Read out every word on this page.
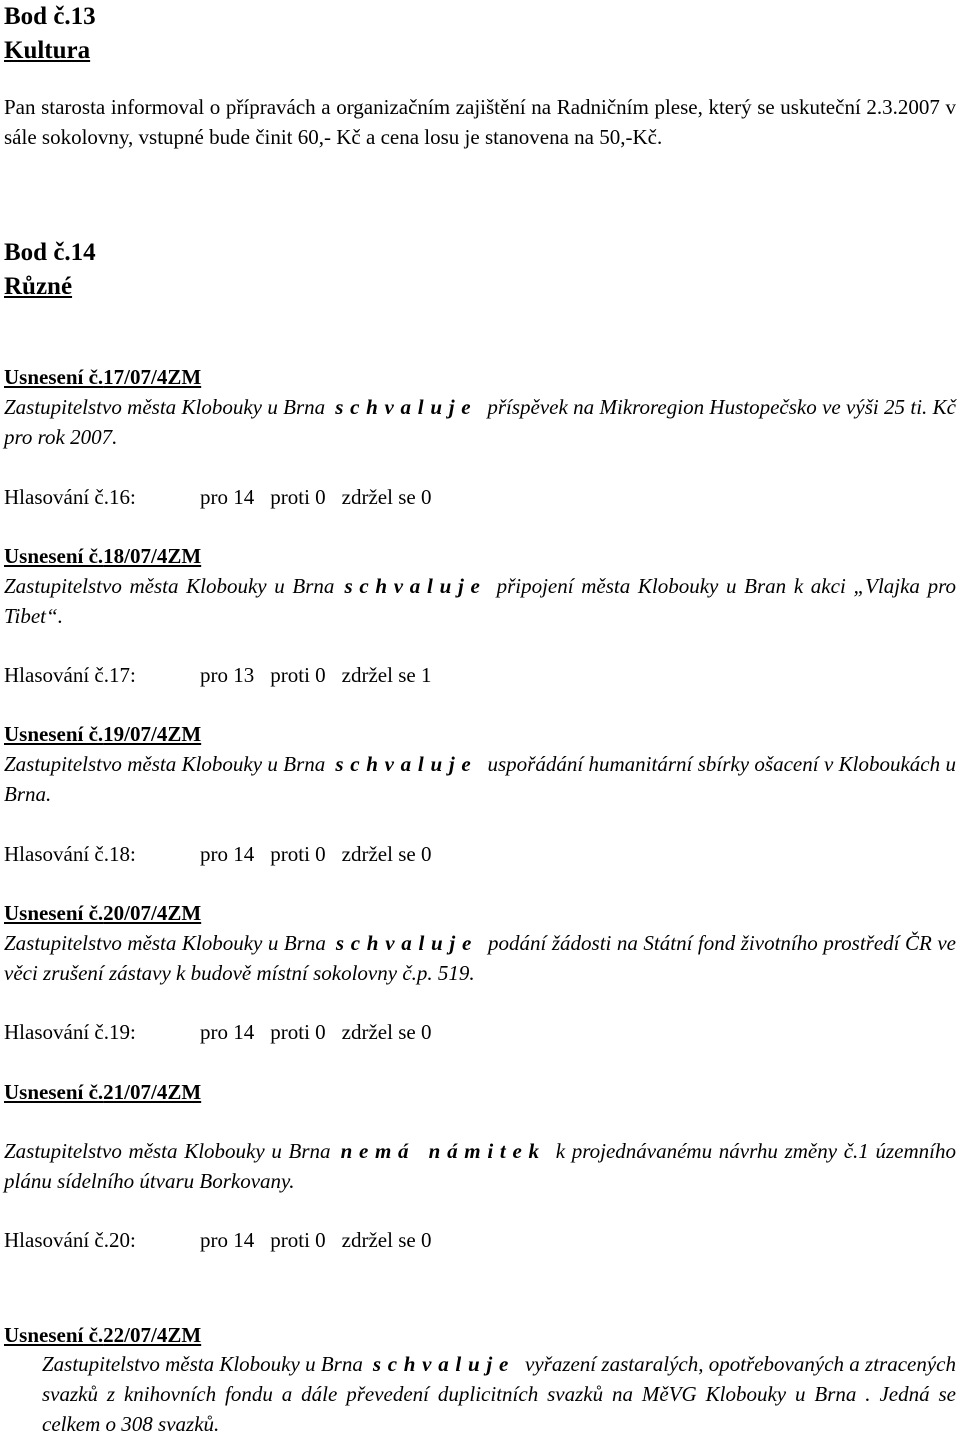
Bod č.13
Kultura
Pan starosta informoval o přípravách a organizačním zajištění na Radničním plese, který se uskuteční 2.3.2007 v sále sokolovny, vstupné bude činit 60,- Kč a cena losu je stanovena na 50,-Kč.
Bod č.14
Různé
Usnesení č.17/07/4ZM
Zastupitelstvo města Klobouky u Brna schvaluje příspěvek na Mikroregion Hustopečsko ve výši 25 ti. Kč pro rok 2007.
Hlasování č.16:	pro 14 proti 0 zdržel se 0
Usnesení č.18/07/4ZM
Zastupitelstvo města Klobouky u Brna schvaluje připojení města Klobouky u Bran k akci „Vlajka pro Tibet“.
Hlasování č.17:	pro 13 proti 0 zdržel se 1
Usnesení č.19/07/4ZM
Zastupitelstvo města Klobouky u Brna schvaluje uspořádání humanitární sbírky ošacení v Kloboukách u Brna.
Hlasování č.18:	pro 14 proti 0 zdržel se 0
Usnesení č.20/07/4ZM
Zastupitelstvo města Klobouky u Brna schvaluje podání žádosti na Státní fond životního prostředí ČR ve věci zrušení zástavy k budově místní sokolovny č.p. 519.
Hlasování č.19:	pro 14 proti 0 zdržel se 0
Usnesení č.21/07/4ZM
Zastupitelstvo města Klobouky u Brna nemá námitek k projednávanému návrhu změny č.1 územního plánu sídelního útvaru Borkovany.
Hlasování č.20:	pro 14 proti 0 zdržel se 0
Usnesení č.22/07/4ZM
Zastupitelstvo města Klobouky u Brna schvaluje vyřazení zastaralých, opotřebovaných a ztracených svazků z knihovních fondu a dále převedení duplicitních svazků na MěVG Klobouky u Brna . Jedná se celkem o 308 svazků.
